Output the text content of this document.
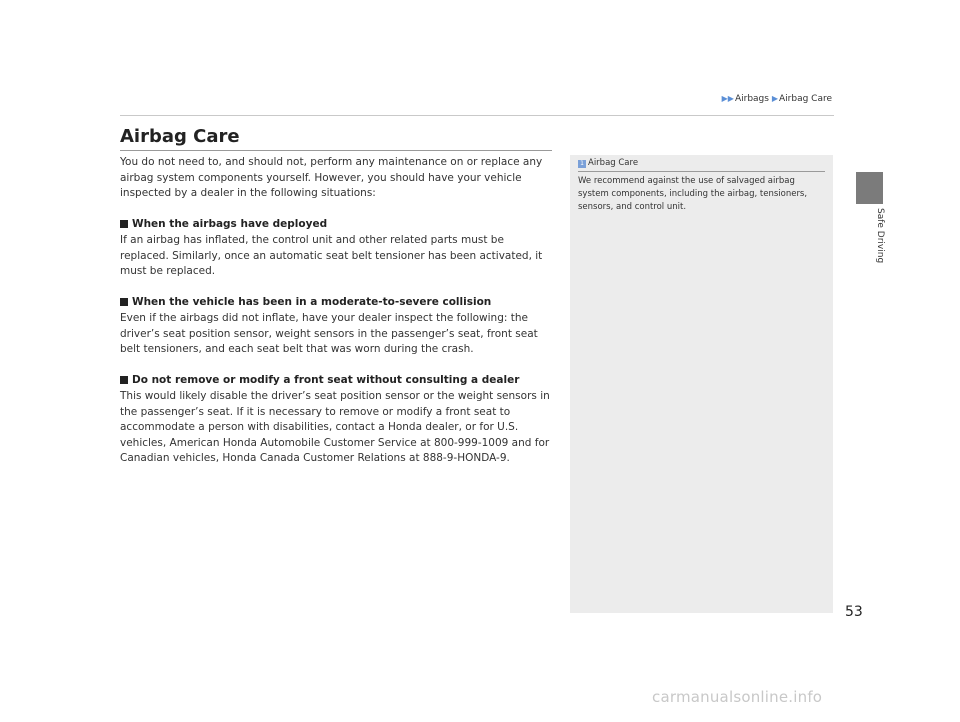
▶▶Airbags ▶Airbag Care
Airbag Care

You do not need to, and should not, perform any maintenance on or replace any airbag system components yourself. However, you should have your vehicle inspected by a dealer in the following situations:

When the airbags have deployed

If an airbag has inflated, the control unit and other related parts must be replaced. Similarly, once an automatic seat belt tensioner has been activated, it must be replaced.

When the vehicle has been in a moderate-to-severe collision

Even if the airbags did not inflate, have your dealer inspect the following: the driver’s seat position sensor, weight sensors in the passenger’s seat, front seat belt tensioners, and each seat belt that was worn during the crash.

Do not remove or modify a front seat without consulting a dealer

This would likely disable the driver’s seat position sensor or the weight sensors in the passenger’s seat. If it is necessary to remove or modify a front seat to accommodate a person with disabilities, contact a Honda dealer, or for U.S. vehicles, American Honda Automobile Customer Service at 800-999-1009 and for Canadian vehicles, Honda Canada Customer Relations at 888-9-HONDA-9.

1 Airbag Care
We recommend against the use of salvaged airbag system components, including the airbag, tensioners, sensors, and control unit.
Safe Driving

53

carmanualsonline.info
